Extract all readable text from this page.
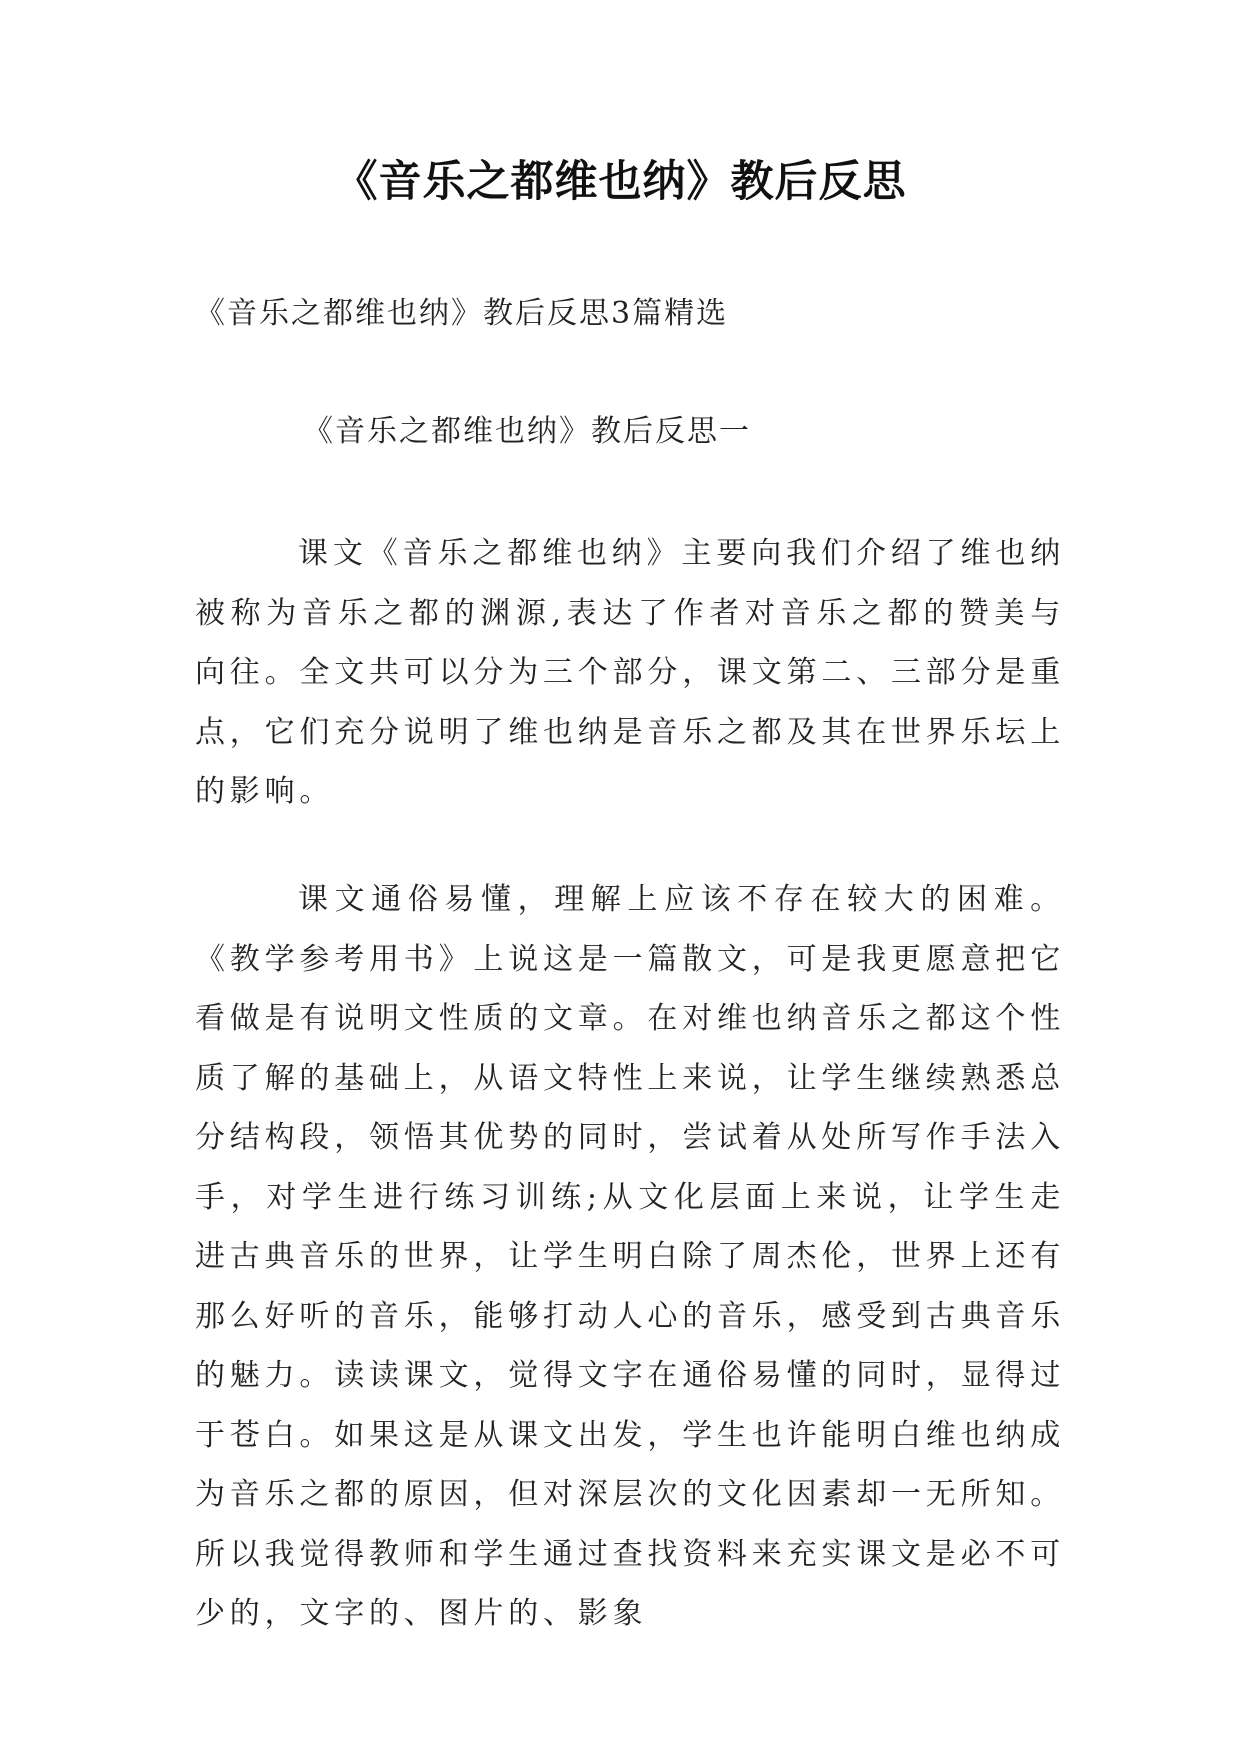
《音乐之都维也纳》教后反思
《音乐之都维也纳》教后反思3篇精选
《音乐之都维也纳》教后反思一

课文《音乐之都维也纳》主要向我们介绍了维也纳被称为音乐之都的渊源,表达了作者对音乐之都的赞美与向往。全文共可以分为三个部分，课文第二、三部分是重点，它们充分说明了维也纳是音乐之都及其在世界乐坛上的影响。

课文通俗易懂，理解上应该不存在较大的困难。《教学参考用书》上说这是一篇散文，可是我更愿意把它看做是有说明文性质的文章。在对维也纳音乐之都这个性质了解的基础上，从语文特性上来说，让学生继续熟悉总分结构段，领悟其优势的同时，尝试着从处所写作手法入手，对学生进行练习训练;从文化层面上来说，让学生走进古典音乐的世界，让学生明白除了周杰伦，世界上还有那么好听的音乐，能够打动人心的音乐，感受到古典音乐的魅力。读读课文，觉得文字在通俗易懂的同时，显得过于苍白。如果这是从课文出发，学生也许能明白维也纳成为音乐之都的原因，但对深层次的文化因素却一无所知。所以我觉得教师和学生通过查找资料来充实课文是必不可少的，文字的、图片的、影象
